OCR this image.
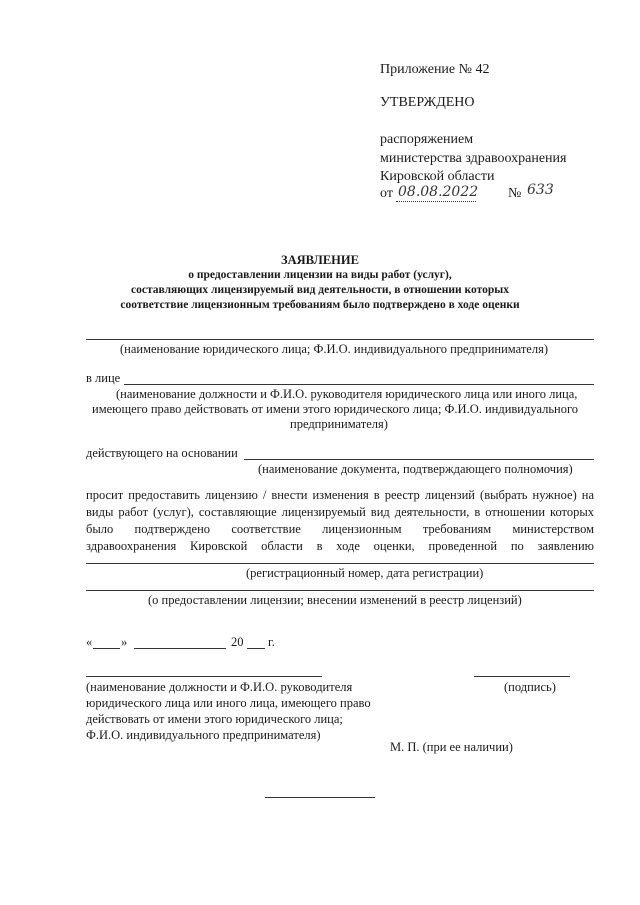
Приложение № 42
УТВЕРЖДЕНО
распоряжением
министерства здравоохранения
Кировской области
от 08.08.2022 № 633
ЗАЯВЛЕНИЕ
о предоставлении лицензии на виды работ (услуг),
составляющих лицензируемый вид деятельности, в отношении которых
соответствие лицензионным требованиям было подтверждено в ходе оценки
(наименование юридического лица; Ф.И.О. индивидуального предпринимателя)
в лице
(наименование должности и Ф.И.О. руководителя юридического лица или иного лица,
имеющего право действовать от имени этого юридического лица; Ф.И.О. индивидуального
предпринимателя)
действующего на основании
(наименование документа, подтверждающего полномочия)
просит предоставить лицензию / внести изменения в реестр лицензий (выбрать нужное) на
виды работ (услуг), составляющие лицензируемый вид деятельности, в отношении которых
было подтверждено соответствие лицензионным требованиям министерством
здравоохранения Кировской области в ходе оценки, проведенной по заявлению
(регистрационный номер, дата регистрации)
(о предоставлении лицензии; внесении изменений в реестр лицензий)
« »	20 г.
(наименование должности и Ф.И.О. руководителя
юридического лица или иного лица, имеющего право
действовать от имени этого юридического лица;
Ф.И.О. индивидуального предпринимателя)
(подпись)
М. П. (при ее наличии)
